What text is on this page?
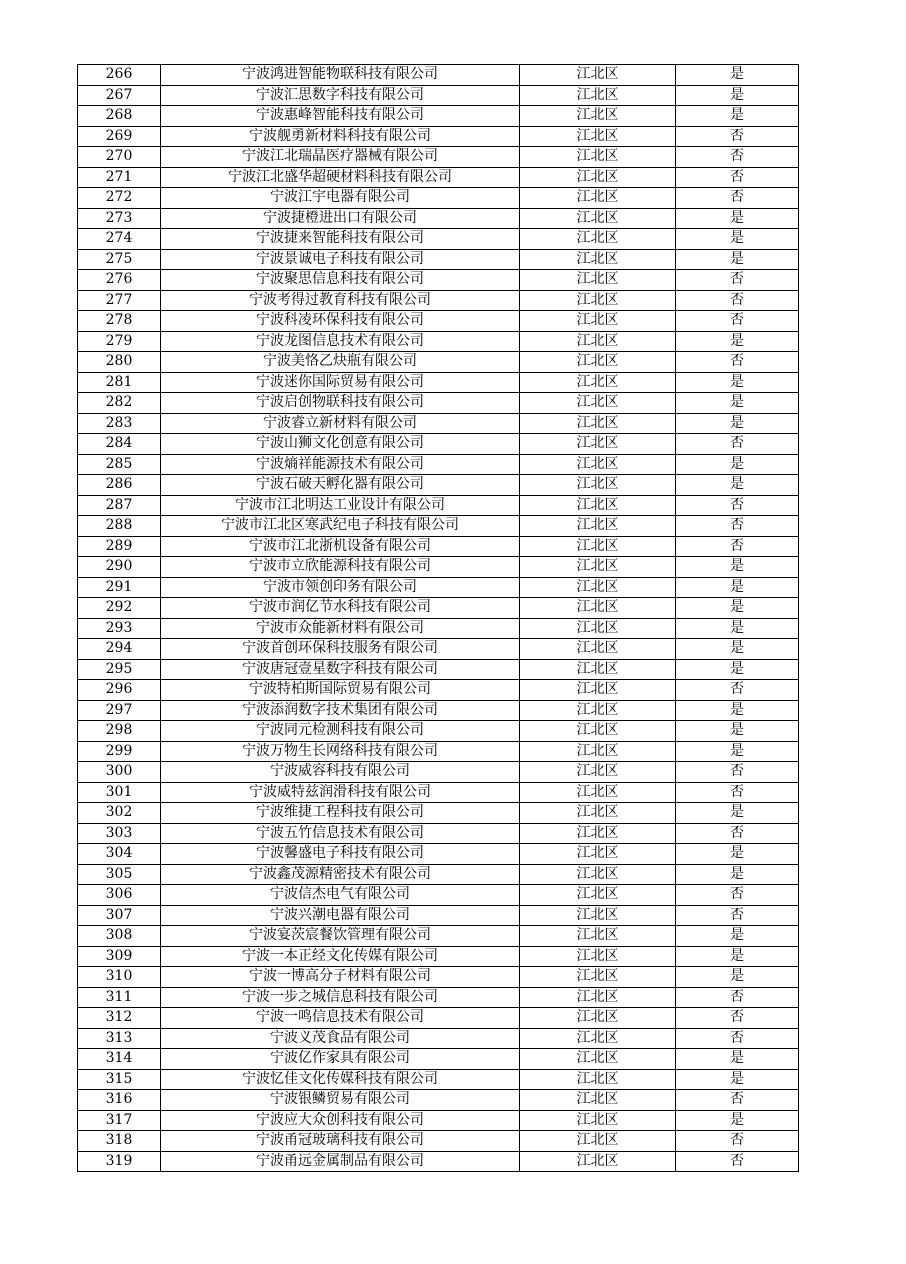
266	宁波鸿进智能物联科技有限公司	江北区	是
267	宁波汇思数字科技有限公司	江北区	是
268	宁波惠峰智能科技有限公司	江北区	是
269	宁波舰勇新材料科技有限公司	江北区	否
270	宁波江北瑞晶医疗器械有限公司	江北区	否
271	宁波江北盛华超硬材料科技有限公司	江北区	否
272	宁波江宇电器有限公司	江北区	否
273	宁波捷橙进出口有限公司	江北区	是
274	宁波捷来智能科技有限公司	江北区	是
275	宁波景诚电子科技有限公司	江北区	是
276	宁波聚思信息科技有限公司	江北区	否
277	宁波考得过教育科技有限公司	江北区	否
278	宁波科凌环保科技有限公司	江北区	否
279	宁波龙图信息技术有限公司	江北区	是
280	宁波美恪乙炔瓶有限公司	江北区	否
281	宁波迷你国际贸易有限公司	江北区	是
282	宁波启创物联科技有限公司	江北区	是
283	宁波睿立新材料有限公司	江北区	是
284	宁波山狮文化创意有限公司	江北区	否
285	宁波熵祥能源技术有限公司	江北区	是
286	宁波石破天孵化器有限公司	江北区	是
287	宁波市江北明达工业设计有限公司	江北区	否
288	宁波市江北区寒武纪电子科技有限公司	江北区	否
289	宁波市江北浙机设备有限公司	江北区	否
290	宁波市立欣能源科技有限公司	江北区	是
291	宁波市领创印务有限公司	江北区	是
292	宁波市润亿节水科技有限公司	江北区	是
293	宁波市众能新材料有限公司	江北区	是
294	宁波首创环保科技服务有限公司	江北区	是
295	宁波唐冠壹星数字科技有限公司	江北区	是
296	宁波特柏斯国际贸易有限公司	江北区	否
297	宁波添润数字技术集团有限公司	江北区	是
298	宁波同元检测科技有限公司	江北区	是
299	宁波万物生长网络科技有限公司	江北区	是
300	宁波威容科技有限公司	江北区	否
301	宁波威特兹润滑科技有限公司	江北区	否
302	宁波维捷工程科技有限公司	江北区	是
303	宁波五竹信息技术有限公司	江北区	否
304	宁波馨盛电子科技有限公司	江北区	是
305	宁波鑫茂源精密技术有限公司	江北区	是
306	宁波信杰电气有限公司	江北区	否
307	宁波兴潮电器有限公司	江北区	否
308	宁波宴茨宸餐饮管理有限公司	江北区	是
309	宁波一本正经文化传媒有限公司	江北区	是
310	宁波一博高分子材料有限公司	江北区	是
311	宁波一步之城信息科技有限公司	江北区	否
312	宁波一鸣信息技术有限公司	江北区	否
313	宁波义茂食品有限公司	江北区	否
314	宁波亿作家具有限公司	江北区	是
315	宁波忆佳文化传媒科技有限公司	江北区	是
316	宁波银鳞贸易有限公司	江北区	否
317	宁波应大众创科技有限公司	江北区	是
318	宁波甬冠玻璃科技有限公司	江北区	否
319	宁波甬远金属制品有限公司	江北区	否
